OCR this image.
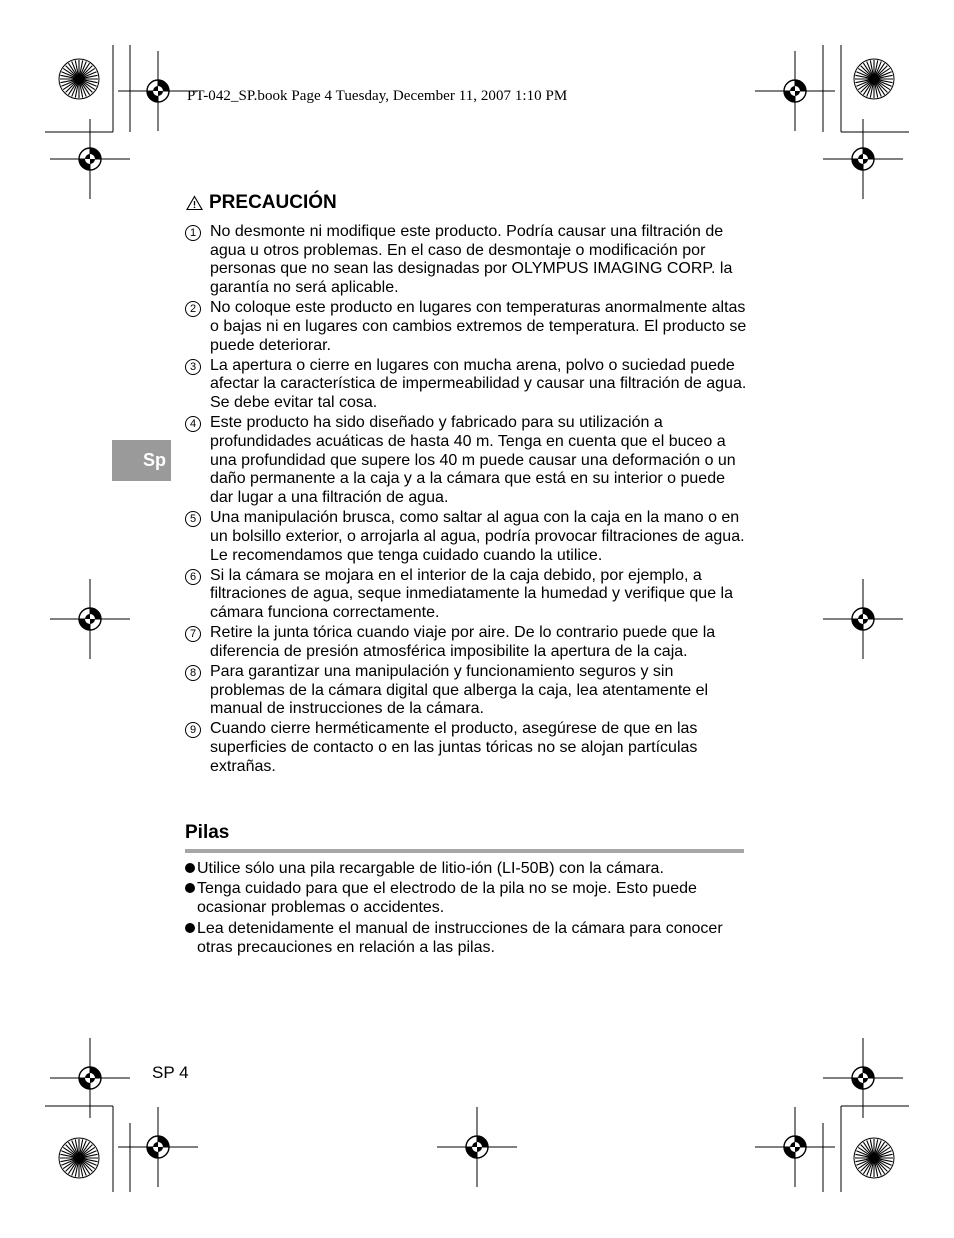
PT-042_SP.book Page 4 Tuesday, December 11, 2007 1:10 PM
PRECAUCIÓN
1 No desmonte ni modifique este producto. Podría causar una filtración de agua u otros problemas. En el caso de desmontaje o modificación por personas que no sean las designadas por OLYMPUS IMAGING CORP. la garantía no será aplicable.
2 No coloque este producto en lugares con temperaturas anormalmente altas o bajas ni en lugares con cambios extremos de temperatura. El producto se puede deteriorar.
3 La apertura o cierre en lugares con mucha arena, polvo o suciedad puede afectar la característica de impermeabilidad y causar una filtración de agua. Se debe evitar tal cosa.
4 Este producto ha sido diseñado y fabricado para su utilización a profundidades acuáticas de hasta 40 m. Tenga en cuenta que el buceo a una profundidad que supere los 40 m puede causar una deformación o un daño permanente a la caja y a la cámara que está en su interior o puede dar lugar a una filtración de agua.
5 Una manipulación brusca, como saltar al agua con la caja en la mano o en un bolsillo exterior, o arrojarla al agua, podría provocar filtraciones de agua. Le recomendamos que tenga cuidado cuando la utilice.
6 Si la cámara se mojara en el interior de la caja debido, por ejemplo, a filtraciones de agua, seque inmediatamente la humedad y verifique que la cámara funciona correctamente.
7 Retire la junta tórica cuando viaje por aire. De lo contrario puede que la diferencia de presión atmosférica imposibilite la apertura de la caja.
8 Para garantizar una manipulación y funcionamiento seguros y sin problemas de la cámara digital que alberga la caja, lea atentamente el manual de instrucciones de la cámara.
9 Cuando cierre herméticamente el producto, asegúrese de que en las superficies de contacto o en las juntas tóricas no se alojan partículas extrañas.
Pilas
Utilice sólo una pila recargable de litio-ión (LI-50B) con la cámara.
Tenga cuidado para que el electrodo de la pila no se moje. Esto puede ocasionar problemas o accidentes.
Lea detenidamente el manual de instrucciones de la cámara para conocer otras precauciones en relación a las pilas.
Sp
SP 4
